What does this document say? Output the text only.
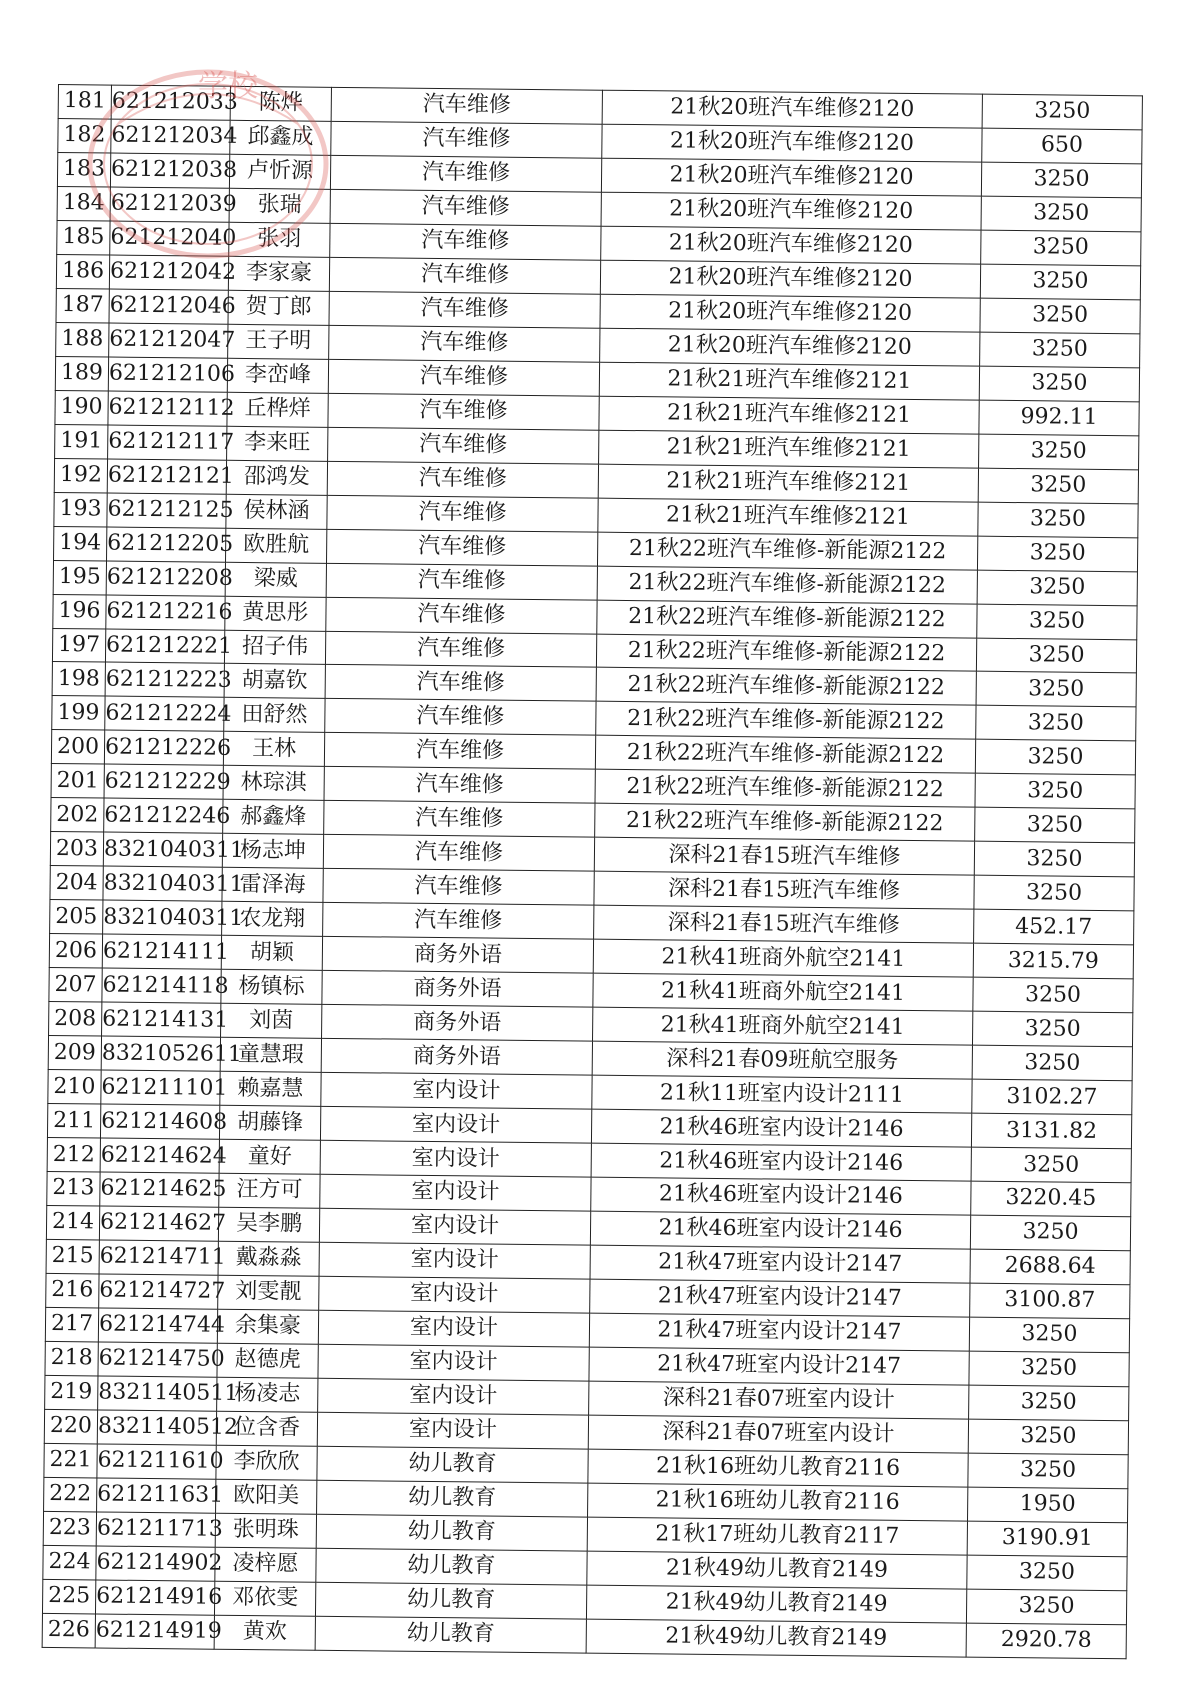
181	621212033	陈烨	汽车维修	21秋20班汽车维修2120	3250
182	621212034	邱鑫成	汽车维修	21秋20班汽车维修2120	650
183	621212038	卢忻源	汽车维修	21秋20班汽车维修2120	3250
184	621212039	张瑞	汽车维修	21秋20班汽车维修2120	3250
185	621212040	张羽	汽车维修	21秋20班汽车维修2120	3250
186	621212042	李家豪	汽车维修	21秋20班汽车维修2120	3250
187	621212046	贺丁郎	汽车维修	21秋20班汽车维修2120	3250
188	621212047	王子明	汽车维修	21秋20班汽车维修2120	3250
189	621212106	李峦峰	汽车维修	21秋21班汽车维修2121	3250
190	621212112	丘桦烊	汽车维修	21秋21班汽车维修2121	992.11
191	621212117	李来旺	汽车维修	21秋21班汽车维修2121	3250
192	621212121	邵鸿发	汽车维修	21秋21班汽车维修2121	3250
193	621212125	侯林涵	汽车维修	21秋21班汽车维修2121	3250
194	621212205	欧胜航	汽车维修	21秋22班汽车维修-新能源2122	3250
195	621212208	梁威	汽车维修	21秋22班汽车维修-新能源2122	3250
196	621212216	黄思彤	汽车维修	21秋22班汽车维修-新能源2122	3250
197	621212221	招子伟	汽车维修	21秋22班汽车维修-新能源2122	3250
198	621212223	胡嘉钦	汽车维修	21秋22班汽车维修-新能源2122	3250
199	621212224	田舒然	汽车维修	21秋22班汽车维修-新能源2122	3250
200	621212226	王林	汽车维修	21秋22班汽车维修-新能源2122	3250
201	621212229	林琮淇	汽车维修	21秋22班汽车维修-新能源2122	3250
202	621212246	郝鑫烽	汽车维修	21秋22班汽车维修-新能源2122	3250
203	8321040311	杨志坤	汽车维修	深科21春15班汽车维修	3250
204	8321040311	雷泽海	汽车维修	深科21春15班汽车维修	3250
205	8321040311	农龙翔	汽车维修	深科21春15班汽车维修	452.17
206	621214111	胡颖	商务外语	21秋41班商外航空2141	3215.79
207	621214118	杨镇标	商务外语	21秋41班商外航空2141	3250
208	621214131	刘茵	商务外语	21秋41班商外航空2141	3250
209	8321052611	童慧瑕	商务外语	深科21春09班航空服务	3250
210	621211101	赖嘉慧	室内设计	21秋11班室内设计2111	3102.27
211	621214608	胡藤锋	室内设计	21秋46班室内设计2146	3131.82
212	621214624	童好	室内设计	21秋46班室内设计2146	3250
213	621214625	汪方可	室内设计	21秋46班室内设计2146	3220.45
214	621214627	吴李鹏	室内设计	21秋46班室内设计2146	3250
215	621214711	戴淼淼	室内设计	21秋47班室内设计2147	2688.64
216	621214727	刘雯靓	室内设计	21秋47班室内设计2147	3100.87
217	621214744	余集豪	室内设计	21秋47班室内设计2147	3250
218	621214750	赵德虎	室内设计	21秋47班室内设计2147	3250
219	8321140511	杨凌志	室内设计	深科21春07班室内设计	3250
220	8321140512	位含香	室内设计	深科21春07班室内设计	3250
221	621211610	李欣欣	幼儿教育	21秋16班幼儿教育2116	3250
222	621211631	欧阳美	幼儿教育	21秋16班幼儿教育2116	1950
223	621211713	张明珠	幼儿教育	21秋17班幼儿教育2117	3190.91
224	621214902	凌梓愿	幼儿教育	21秋49幼儿教育2149	3250
225	621214916	邓依雯	幼儿教育	21秋49幼儿教育2149	3250
226	621214919	黄欢	幼儿教育	21秋49幼儿教育2149	2920.78
学校
